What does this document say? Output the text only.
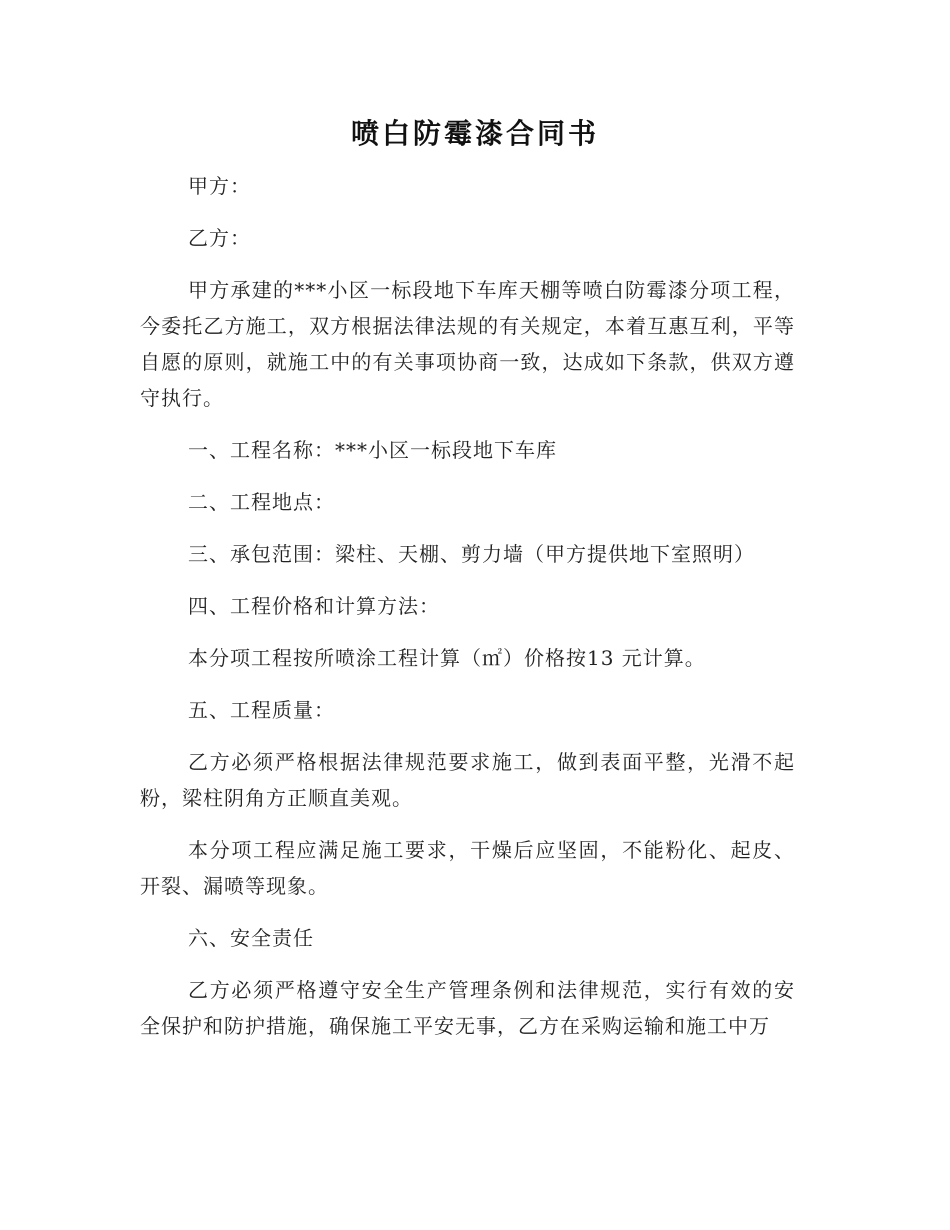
喷白防霉漆合同书

甲方：

乙方：

甲方承建的***小区一标段地下车库天棚等喷白防霉漆分项工程，今委托乙方施工，双方根据法律法规的有关规定，本着互惠互利，平等自愿的原则，就施工中的有关事项协商一致，达成如下条款，供双方遵守执行。

一、工程名称：***小区一标段地下车库

二、工程地点：

三、承包范围：梁柱、天棚、剪力墙（甲方提供地下室照明）

四、工程价格和计算方法：

本分项工程按所喷涂工程计算（㎡）价格按13 元计算。

五、工程质量：

乙方必须严格根据法律规范要求施工，做到表面平整，光滑不起粉，梁柱阴角方正顺直美观。

本分项工程应满足施工要求，干燥后应坚固，不能粉化、起皮、开裂、漏喷等现象。

六、安全责任

乙方必须严格遵守安全生产管理条例和法律规范，实行有效的安全保护和防护措施，确保施工平安无事，乙方在采购运输和施工中万
